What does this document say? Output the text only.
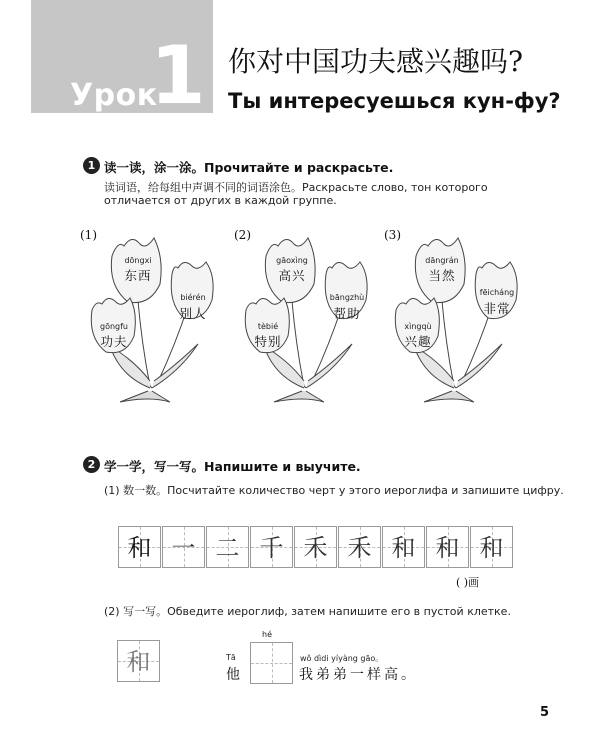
Урок
1 你对中国功夫感兴趣吗?
Ты интересуешься кун-фу?
1 读一读，涂一涂。Прочитайте и раскрасьте.
读词语，给每组中声调不同的词语涂色。Раскрасьте слово, тон которого
отличается от других в каждой группе.
(1)
dōngxi
东西
biérén
别人
gōngfu
功夫
(2)
gāoxìng
高兴
bāngzhù
帮助
tèbié
特别
(3)
dāngrán
当然
fēicháng
非常
xìngqù
兴趣
2 学一学，写一写。Напишите и выучите.
(1) 数一数。Посчитайте количество черт у этого иероглифа и запишите цифру.
和 一 二 千 禾 禾 和 和 和
( )画
(2) 写一写。Обведите иероглиф, затем напишите его в пустой клетке.
和	Tā
他
hé
wǒ dìdi yíyàng gāo。
我弟弟一样高。
5
